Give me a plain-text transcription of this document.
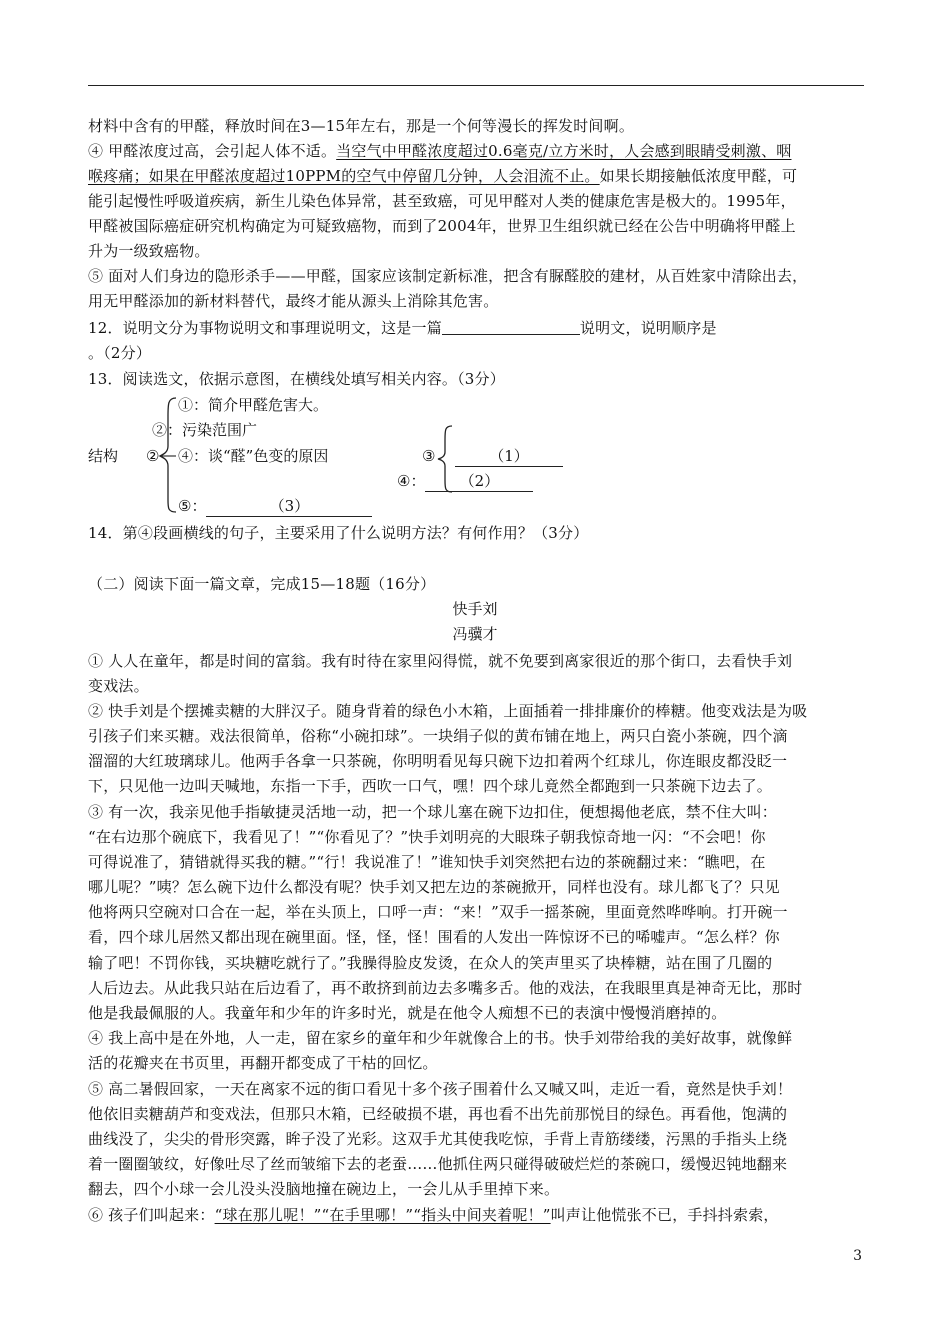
材料中含有的甲醛，释放时间在3—15年左右，那是一个何等漫长的挥发时间啊。
④ 甲醛浓度过高，会引起人体不适。当空气中甲醛浓度超过0.6毫克/立方米时，人会感到眼睛受刺激、咽
喉疼痛；如果在甲醛浓度超过10PPM的空气中停留几分钟，人会泪流不止。如果长期接触低浓度甲醛，可
能引起慢性呼吸道疾病，新生儿染色体异常，甚至致癌，可见甲醛对人类的健康危害是极大的。1995年，
甲醛被国际癌症研究机构确定为可疑致癌物，而到了2004年，世界卫生组织就已经在公告中明确将甲醛上
升为一级致癌物。
⑤ 面对人们身边的隐形杀手——甲醛，国家应该制定新标准，把含有脲醛胶的建材，从百姓家中清除出去，
用无甲醛添加的新材料替代，最终才能从源头上消除其危害。
12．说明文分为事物说明文和事理说明文，这是一篇	说明文，说明顺序是
。（2分）
13．阅读选文，依据示意图，在横线处填写相关内容。（3分）
①：简介甲醛危害大。
②：污染范围广
结构 ② ④：谈“醛”色变的原因
⑤：	（3）
③	（1）
④： （2）
14．第④段画横线的句子，主要采用了什么说明方法？有何作用？（3分）
（二）阅读下面一篇文章，完成15—18题（16分）
快手刘
冯骥才
① 人人在童年，都是时间的富翁。我有时待在家里闷得慌，就不免要到离家很近的那个街口，去看快手刘
变戏法。
② 快手刘是个摆摊卖糖的大胖汉子。随身背着的绿色小木箱，上面插着一排排廉价的棒糖。他变戏法是为吸
引孩子们来买糖。戏法很简单，俗称“小碗扣球”。一块绢子似的黄布铺在地上，两只白瓷小茶碗，四个滴
溜溜的大红玻璃球儿。他两手各拿一只茶碗，你明明看见每只碗下边扣着两个红球儿，你连眼皮都没眨一
下，只见他一边叫天喊地，东指一下手，西吹一口气，嘿！四个球儿竟然全都跑到一只茶碗下边去了。
③ 有一次，我亲见他手指敏捷灵活地一动，把一个球儿塞在碗下边扣住，便想揭他老底，禁不住大叫：
“在右边那个碗底下，我看见了！”“你看见了？”快手刘明亮的大眼珠子朝我惊奇地一闪：“不会吧！你
可得说准了，猜错就得买我的糖。”“行！我说准了！”谁知快手刘突然把右边的茶碗翻过来：“瞧吧，在
哪儿呢？”咦？怎么碗下边什么都没有呢？快手刘又把左边的茶碗掀开，同样也没有。球儿都飞了？只见
他将两只空碗对口合在一起，举在头顶上，口呼一声：“来！”双手一摇茶碗，里面竟然哗哗响。打开碗一
看，四个球儿居然又都出现在碗里面。怪，怪，怪！围看的人发出一阵惊讶不已的唏嘘声。“怎么样？你
输了吧！不罚你钱，买块糖吃就行了。”我臊得脸皮发烫，在众人的笑声里买了块棒糖，站在围了几圈的
人后边去。从此我只站在后边看了，再不敢挤到前边去多嘴多舌。他的戏法，在我眼里真是神奇无比，那时
他是我最佩服的人。我童年和少年的许多时光，就是在他令人痴想不已的表演中慢慢消磨掉的。
④ 我上高中是在外地，人一走，留在家乡的童年和少年就像合上的书。快手刘带给我的美好故事，就像鲜
活的花瓣夹在书页里，再翻开都变成了干枯的回忆。
⑤ 高二暑假回家，一天在离家不远的街口看见十多个孩子围着什么又喊又叫，走近一看，竟然是快手刘！
他依旧卖糖葫芦和变戏法，但那只木箱，已经破损不堪，再也看不出先前那悦目的绿色。再看他，饱满的
曲线没了，尖尖的骨形突露，眸子没了光彩。这双手尤其使我吃惊，手背上青筋缕缕，污黑的手指头上绕
着一圈圈皱纹，好像吐尽了丝而皱缩下去的老蚕……他抓住两只碰得破破烂烂的茶碗口，缓慢迟钝地翻来
翻去，四个小球一会儿没头没脑地撞在碗边上，一会儿从手里掉下来。
⑥ 孩子们叫起来：“球在那儿呢！”“在手里哪！”“指头中间夹着呢！”叫声让他慌张不已，手抖抖索索，
3
